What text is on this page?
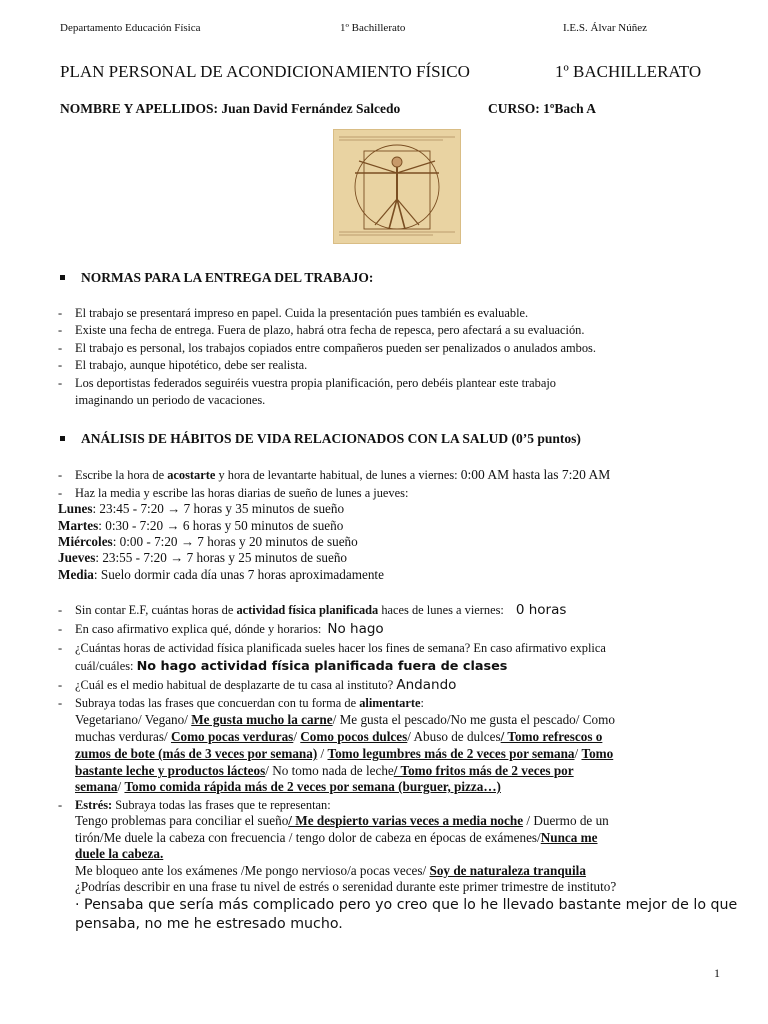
Departamento Educación Física	1º Bachillerato	I.E.S. Álvar Núñez
PLAN PERSONAL DE ACONDICIONAMIENTO FÍSICO	1º BACHILLERATO
NOMBRE Y APELLIDOS: Juan David Fernández Salcedo	CURSO: 1ºBach A
NORMAS PARA LA ENTREGA DEL TRABAJO:
- El trabajo se presentará impreso en papel. Cuida la presentación pues también es evaluable.
- Existe una fecha de entrega. Fuera de plazo, habrá otra fecha de repesca, pero afectará a su evaluación.
- El trabajo es personal, los trabajos copiados entre compañeros pueden ser penalizados o anulados ambos.
- El trabajo, aunque hipotético, debe ser realista.
- Los deportistas federados seguiréis vuestra propia planificación, pero debéis plantear este trabajo
imaginando un periodo de vacaciones.
ANÁLISIS DE HÁBITOS DE VIDA RELACIONADOS CON LA SALUD (0’5 puntos)
- Escribe la hora de acostarte y hora de levantarte habitual, de lunes a viernes: 0:00 AM hasta las 7:20 AM
- Haz la media y escribe las horas diarias de sueño de lunes a jueves:
Lunes: 23:45 - 7:20 → 7 horas y 35 minutos de sueño
Martes: 0:30 - 7:20 → 6 horas y 50 minutos de sueño
Miércoles: 0:00 - 7:20 → 7 horas y 20 minutos de sueño
Jueves: 23:55 - 7:20 → 7 horas y 25 minutos de sueño
Media: Suelo dormir cada día unas 7 horas aproximadamente
- Sin contar E.F, cuántas horas de actividad física planificada haces de lunes a viernes: 0 horas
- En caso afirmativo explica qué, dónde y horarios: No hago
- ¿Cuántas horas de actividad física planificada sueles hacer los fines de semana? En caso afirmativo explica
cuál/cuáles: No hago actividad física planificada fuera de clases
- ¿Cuál es el medio habitual de desplazarte de tu casa al instituto? Andando
- Subraya todas las frases que concuerdan con tu forma de alimentarte:
Vegetariano/ Vegano/ Me gusta mucho la carne/ Me gusta el pescado/No me gusta el pescado/ Como
muchas verduras/ Como pocas verduras/ Como pocos dulces/ Abuso de dulces/ Tomo refrescos o
zumos de bote (más de 3 veces por semana) / Tomo legumbres más de 2 veces por semana/ Tomo
bastante leche y productos lácteos/ No tomo nada de leche/ Tomo fritos más de 2 veces por
semana/ Tomo comida rápida más de 2 veces por semana (burguer, pizza…)
- Estrés: Subraya todas las frases que te representan:
Tengo problemas para conciliar el sueño/ Me despierto varias veces a media noche / Duermo de un
tirón/Me duele la cabeza con frecuencia / tengo dolor de cabeza en épocas de exámenes/Nunca me
duele la cabeza.
Me bloqueo ante los exámenes /Me pongo nervioso/a pocas veces/ Soy de naturaleza tranquila
¿Podrías describir en una frase tu nivel de estrés o serenidad durante este primer trimestre de instituto?
· Pensaba que sería más complicado pero yo creo que lo he llevado bastante mejor de lo que
pensaba, no me he estresado mucho.
1
